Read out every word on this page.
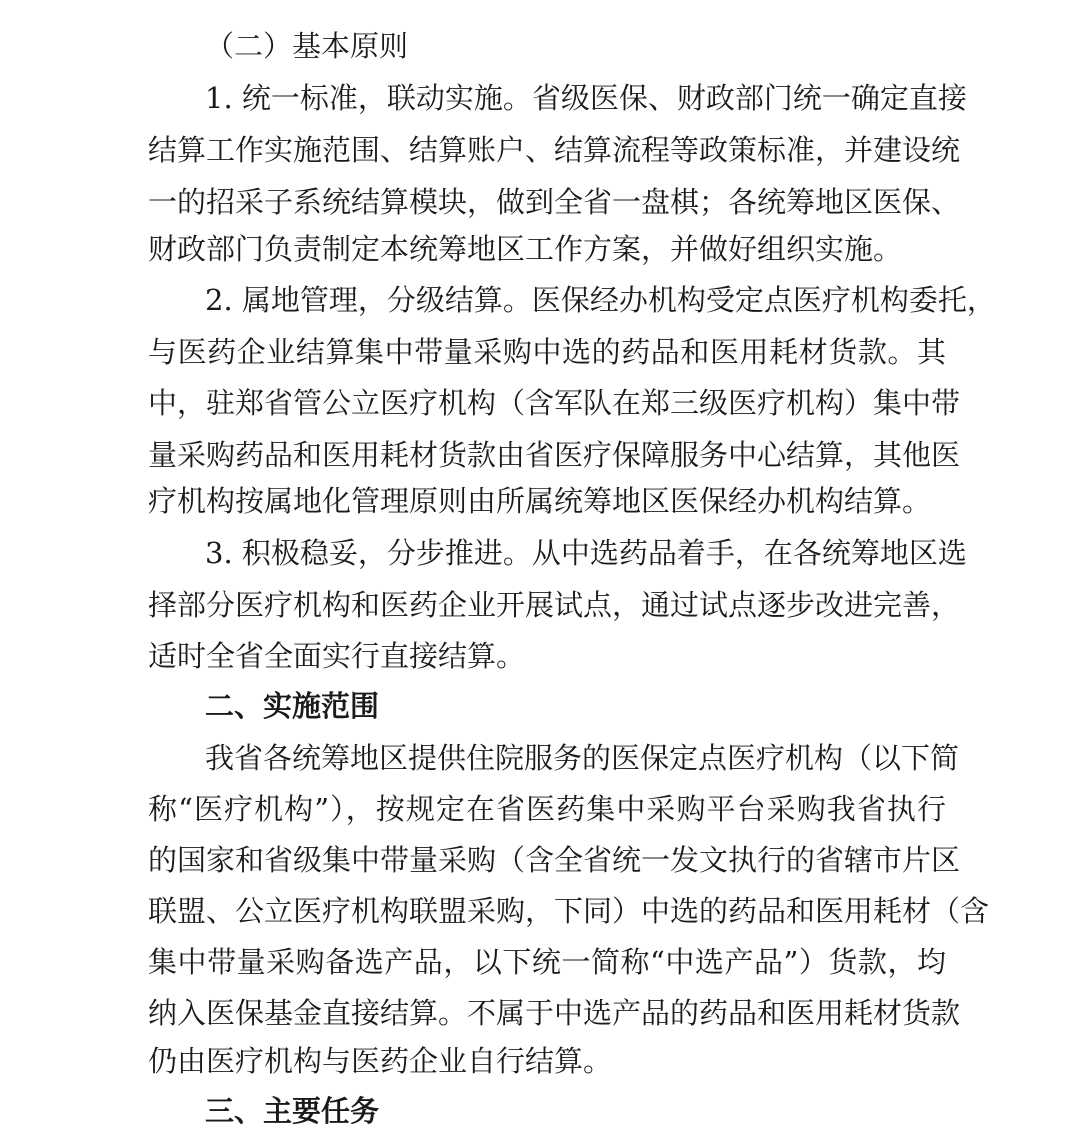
（二）基本原则
1. 统一标准，联动实施。省级医保、财政部门统一确定直接
结算工作实施范围、结算账户、结算流程等政策标准，并建设统
一的招采子系统结算模块，做到全省一盘棋；各统筹地区医保、
财政部门负责制定本统筹地区工作方案，并做好组织实施。
2. 属地管理，分级结算。医保经办机构受定点医疗机构委托，
与医药企业结算集中带量采购中选的药品和医用耗材货款。其
中，驻郑省管公立医疗机构（含军队在郑三级医疗机构）集中带
量采购药品和医用耗材货款由省医疗保障服务中心结算，其他医
疗机构按属地化管理原则由所属统筹地区医保经办机构结算。
3. 积极稳妥，分步推进。从中选药品着手，在各统筹地区选
择部分医疗机构和医药企业开展试点，通过试点逐步改进完善，
适时全省全面实行直接结算。
二、实施范围
我省各统筹地区提供住院服务的医保定点医疗机构（以下简
称“医疗机构”），按规定在省医药集中采购平台采购我省执行
的国家和省级集中带量采购（含全省统一发文执行的省辖市片区
联盟、公立医疗机构联盟采购，下同）中选的药品和医用耗材（含
集中带量采购备选产品，以下统一简称“中选产品”）货款，均
纳入医保基金直接结算。不属于中选产品的药品和医用耗材货款
仍由医疗机构与医药企业自行结算。
三、主要任务
